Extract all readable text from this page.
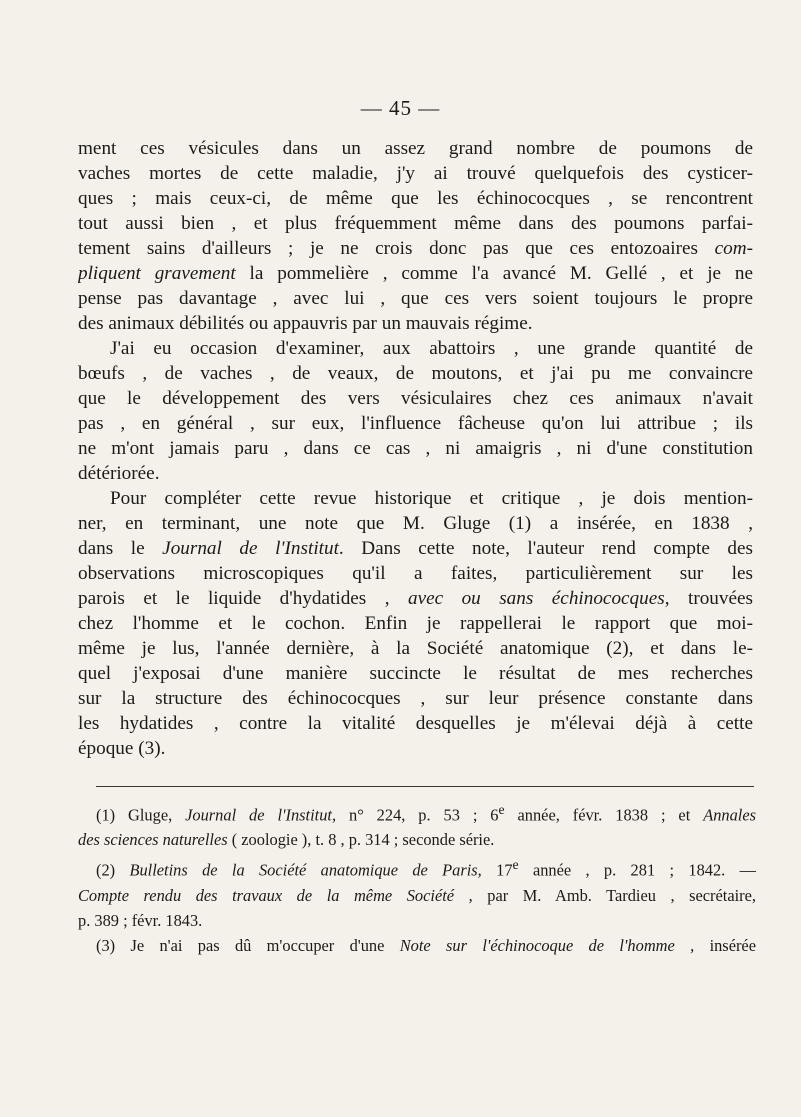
— 45 —
ment ces vésicules dans un assez grand nombre de poumons de
vaches mortes de cette maladie, j'y ai trouvé quelquefois des cysticer-
ques ; mais ceux-ci, de même que les échinococques , se rencontrent
tout aussi bien , et plus fréquemment même dans des poumons parfai-
tement sains d'ailleurs ; je ne crois donc pas que ces entozoaires com-
pliquent gravement la pommelière , comme l'a avancé M. Gellé , et je ne
pense pas davantage , avec lui , que ces vers soient toujours le propre
des animaux débilités ou appauvris par un mauvais régime.
J'ai eu occasion d'examiner, aux abattoirs , une grande quantité de
bœufs , de vaches , de veaux, de moutons, et j'ai pu me convaincre
que le développement des vers vésiculaires chez ces animaux n'avait
pas , en général , sur eux, l'influence fâcheuse qu'on lui attribue ; ils
ne m'ont jamais paru , dans ce cas , ni amaigris , ni d'une constitution
détériorée.
Pour compléter cette revue historique et critique , je dois mention-
ner, en terminant, une note que M. Gluge (1) a insérée, en 1838 ,
dans le Journal de l'Institut. Dans cette note, l'auteur rend compte des
observations microscopiques qu'il a faites, particulièrement sur les
parois et le liquide d'hydatides , avec ou sans échinococques, trouvées
chez l'homme et le cochon. Enfin je rappellerai le rapport que moi-
même je lus, l'année dernière, à la Société anatomique (2), et dans le-
quel j'exposai d'une manière succincte le résultat de mes recherches
sur la structure des échinococques , sur leur présence constante dans
les hydatides , contre la vitalité desquelles je m'élevai déjà à cette
époque (3).
(1) Gluge, Journal de l'Institut, n° 224, p. 53 ; 6e année, févr. 1838 ; et Annales
des sciences naturelles ( zoologie ), t. 8 , p. 314 ; seconde série.
(2) Bulletins de la Société anatomique de Paris, 17e année , p. 281 ; 1842. —
Compte rendu des travaux de la même Société , par M. Amb. Tardieu , secrétaire,
p. 389 ; févr. 1843.
(3) Je n'ai pas dû m'occuper d'une Note sur l'échinocoque de l'homme , insérée
